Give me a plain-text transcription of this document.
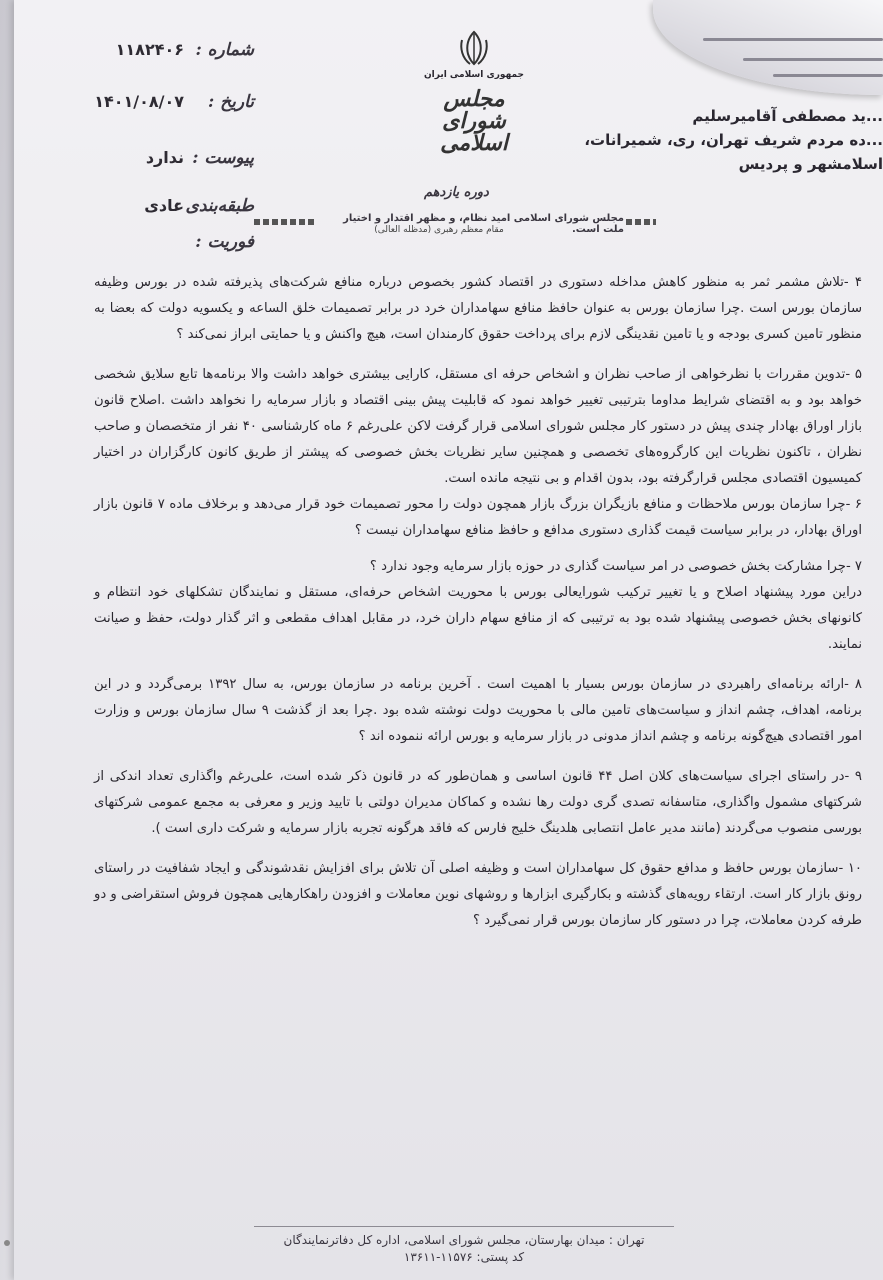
شماره :
۱۱۸۲۴۰۶
تاریخ :
۱۴۰۱/۰۸/۰۷
پیوست :
ندارد
طبقه‌بندی :
عادی
فوریت :
جمهوری اسلامی ایران
مجلس شورای اسلامی
دوره یازدهم
مجلس شورای اسلامی امید نظام، و مظهر اقتدار و اختیار ملت است.
مقام معظم رهبری (مدظله العالی)
...ید مصطفی آقامیرسلیم
...ده مردم شریف تهران، ری، شمیرانات،
اسلامشهر و پردیس

۴ -تلاش مشمر ثمر به منظور کاهش مداخله دستوری در اقتصاد کشور بخصوص درباره منافع شرکت‌های پذیرفته شده در بورس وظیفه سازمان بورس است .چرا سازمان بورس به عنوان حافظ منافع سهامداران خرد در برابر تصمیمات خلق الساعه و یکسویه دولت که بعضا به منظور تامین کسری بودجه و یا تامین نقدینگی لازم برای پرداخت حقوق کارمندان است، هیچ واکنش و یا حمایتی ابراز نمی‌کند ؟

۵ -تدوین مقررات با نظرخواهی از صاحب نظران و اشخاص حرفه ای مستقل، کارایی بیشتری خواهد داشت والا برنامه‌ها تابع سلایق شخصی خواهد بود و به اقتضای شرایط مداوما بترتیبی تغییر خواهد نمود که قابلیت پیش بینی اقتصاد و بازار سرمایه را نخواهد داشت .اصلاح قانون بازار اوراق بهادار چندی پیش در دستور کار مجلس شورای اسلامی قرار گرفت لاکن علی‌رغم ۶ ماه کارشناسی ۴۰ نفر از متخصصان و صاحب نظران ، تاکنون نظریات این کارگروه‌های تخصصی و همچنین سایر نظریات بخش خصوصی که پیشتر از طریق کانون کارگزاران در اختیار کمیسیون اقتصادی مجلس قرارگرفته بود، بدون اقدام و بی نتیجه مانده است.

۶ -چرا سازمان بورس ملاحظات و منافع بازیگران بزرگ بازار همچون دولت را محور تصمیمات خود قرار می‌دهد و برخلاف ماده ۷ قانون بازار اوراق بهادار، در برابر سیاست قیمت گذاری دستوری مدافع و حافظ منافع سهامداران نیست ؟

۷ -چرا مشارکت بخش خصوصی در امر سیاست گذاری در حوزه بازار سرمایه وجود ندارد ؟

دراین مورد پیشنهاد اصلاح و یا تغییر ترکیب شورایعالی بورس با محوریت اشخاص حرفه‌ای، مستقل و نمایندگان تشکلهای خود انتظام و کانونهای بخش خصوصی پیشنهاد شده بود به ترتیبی که از منافع سهام داران خرد، در مقابل اهداف مقطعی و اثر گذار دولت، حفظ و صیانت نمایند.

۸ -ارائه برنامه‌ای راهبردی در سازمان بورس بسیار با اهمیت است . آخرین برنامه در سازمان بورس، به سال ۱۳۹۲ برمی‌گردد و در این برنامه، اهداف، چشم انداز و سیاست‌های تامین مالی با محوریت دولت نوشته شده بود .چرا بعد از گذشت ۹ سال سازمان بورس و وزارت امور اقتصادی هیچ‌گونه برنامه و چشم انداز مدونی در بازار سرمایه و بورس ارائه ننموده اند ؟

۹ -در راستای اجرای سیاست‌های کلان اصل ۴۴ قانون اساسی و همان‌طور که در قانون ذکر شده است، علی‌رغم واگذاری تعداد اندکی از شرکتهای مشمول واگذاری، متاسفانه تصدی گری دولت رها نشده و کماکان مدیران دولتی با تایید وزیر و معرفی به مجمع عمومی شرکتهای بورسی منصوب می‌گردند (مانند مدیر عامل انتصابی هلدینگ خلیج فارس که فاقد هرگونه تجربه بازار سرمایه و شرکت داری است ).

۱۰ -سازمان بورس حافظ و مدافع حقوق کل سهامداران است و وظیفه اصلی آن تلاش برای افزایش نقدشوندگی و ایجاد شفافیت در راستای رونق بازار کار است. ارتقاء رویه‌های گذشته و بکارگیری ابزارها و روشهای نوین معاملات و افزودن راهکارهایی همچون فروش استقراضی و دو طرفه کردن معاملات، چرا در دستور کار سازمان بورس قرار نمی‌گیرد ؟

تهران : میدان بهارستان، مجلس شورای اسلامی، اداره کل دفاترنمایندگان
کد پستی: ۱۱۵۷۶-۱۳۶۱۱
